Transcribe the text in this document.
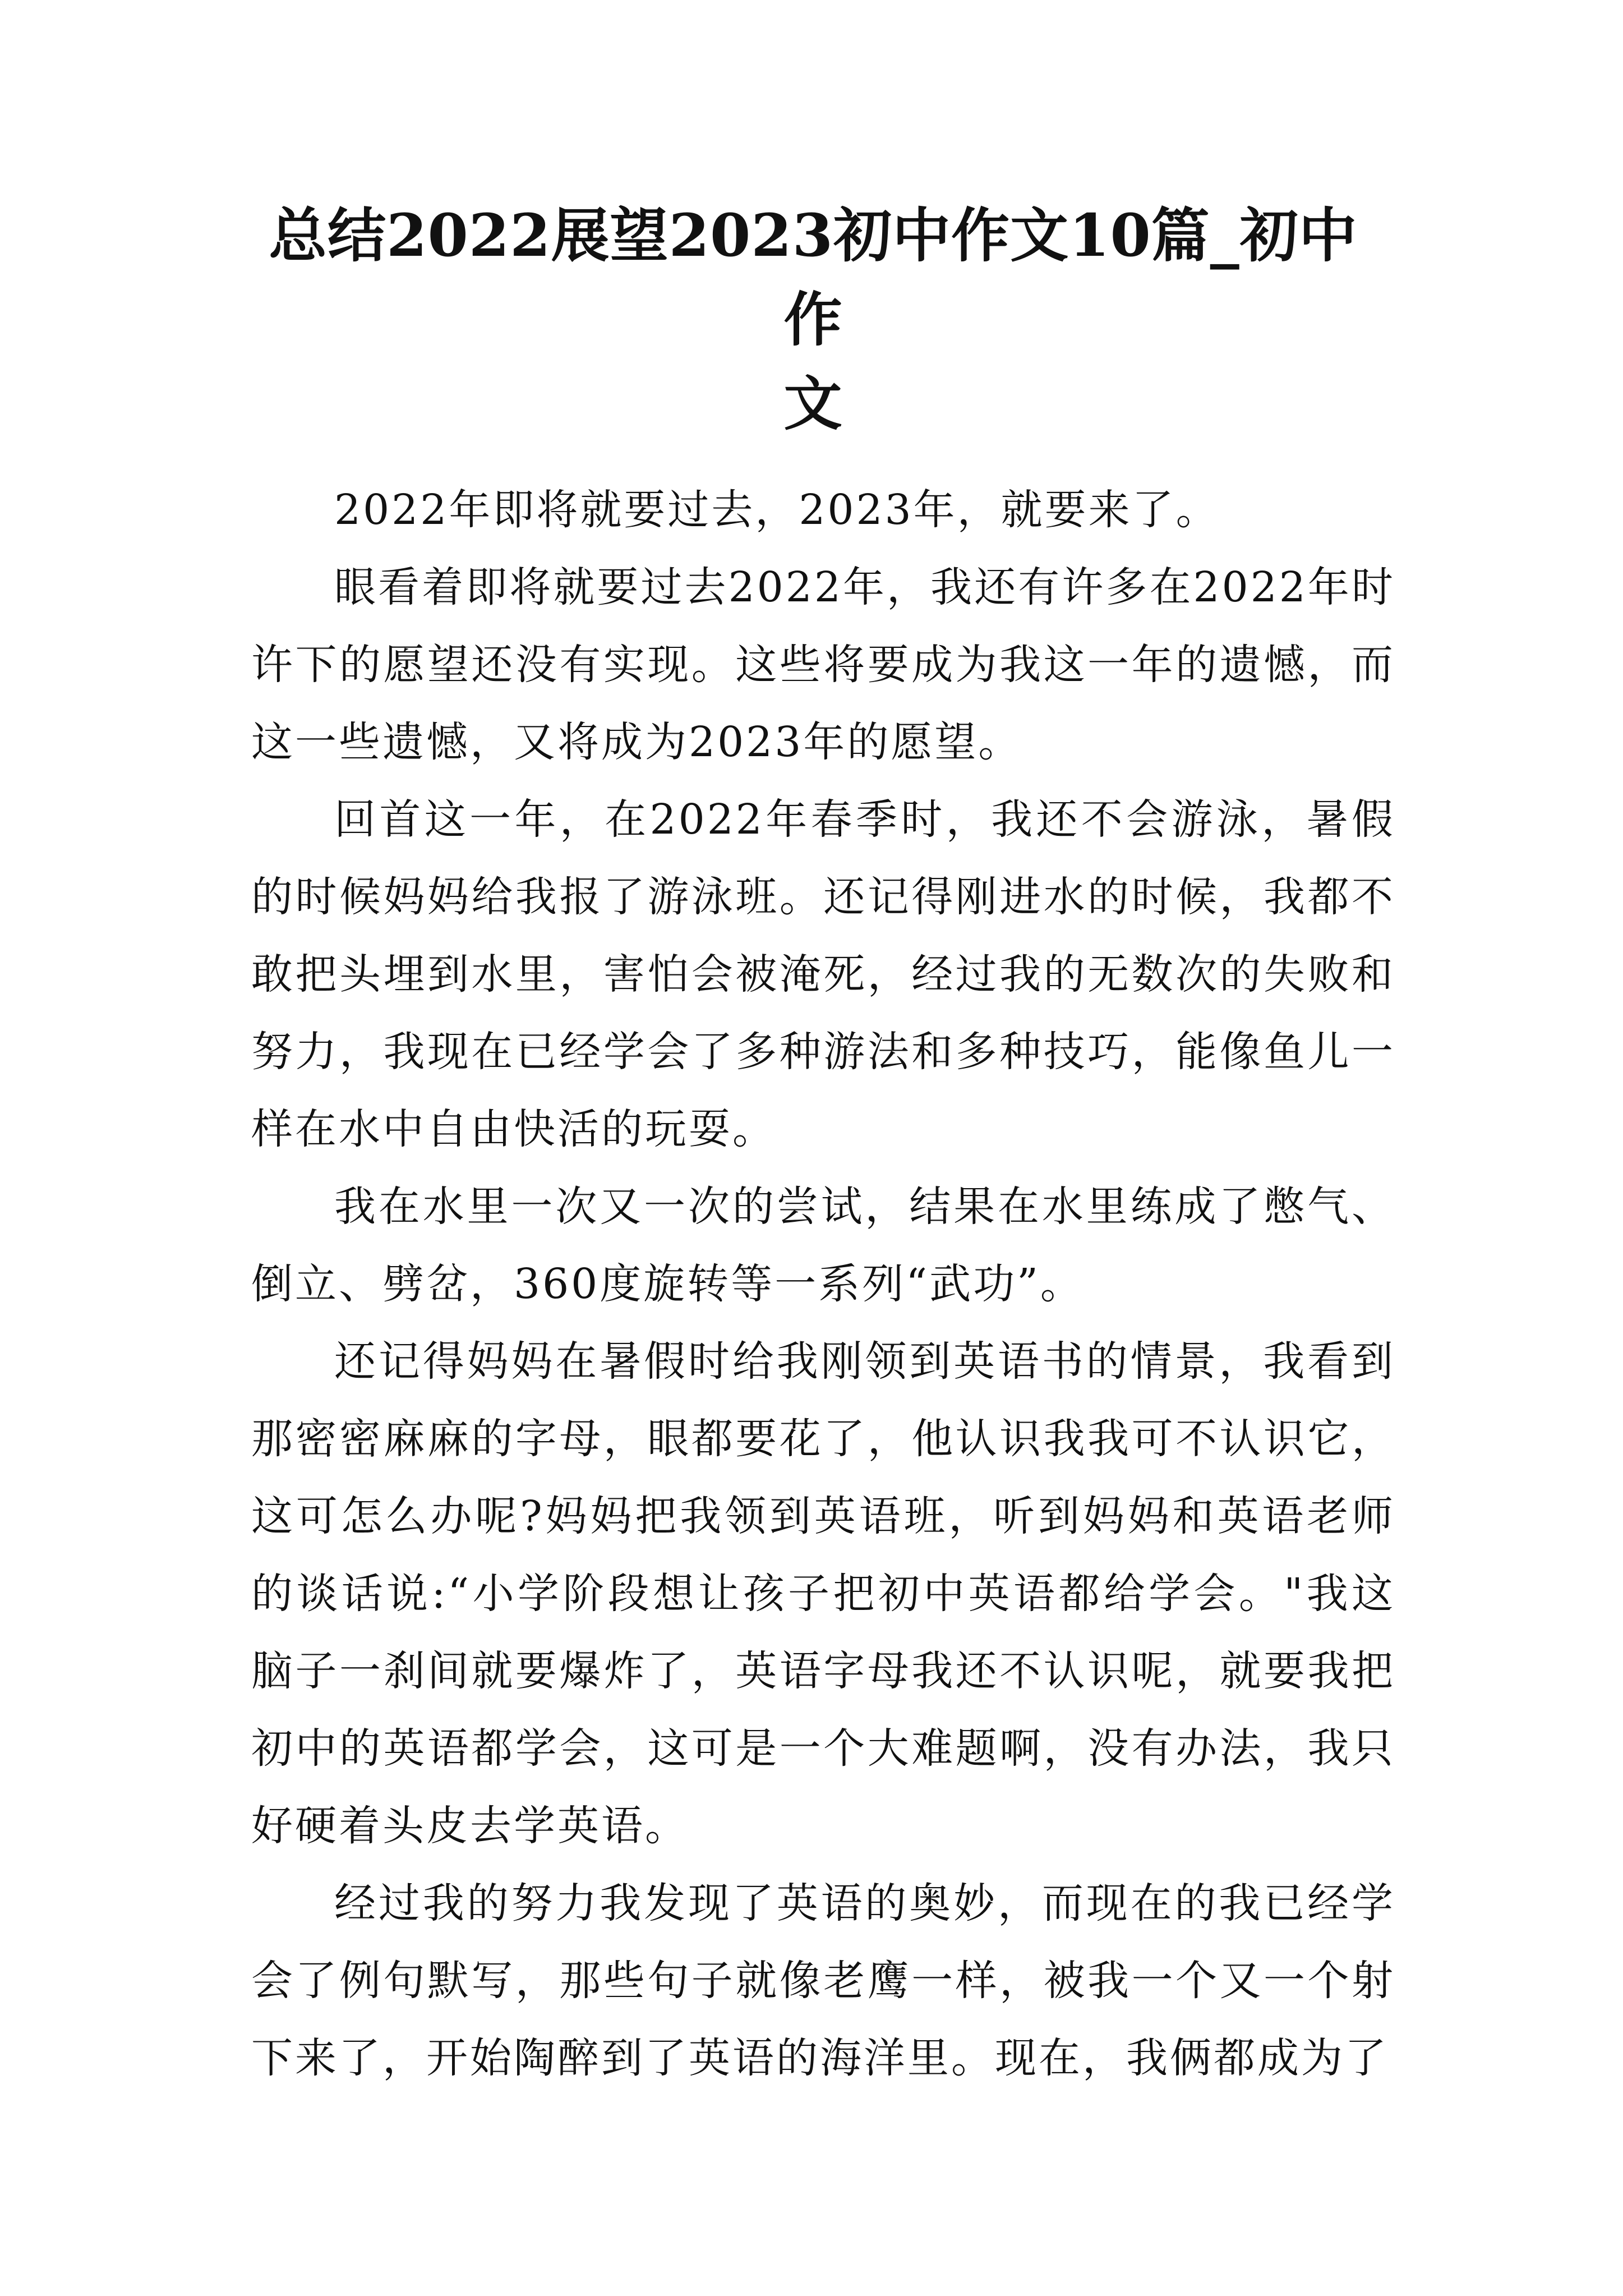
总结2022展望2023初中作文10篇_初中作
文

2022年即将就要过去，2023年，就要来了。

眼看着即将就要过去2022年，我还有许多在2022年时许下的愿望还没有实现。这些将要成为我这一年的遗憾，而这一些遗憾，又将成为2023年的愿望。

回首这一年，在2022年春季时，我还不会游泳，暑假的时候妈妈给我报了游泳班。还记得刚进水的时候，我都不敢把头埋到水里，害怕会被淹死，经过我的无数次的失败和努力，我现在已经学会了多种游法和多种技巧，能像鱼儿一样在水中自由快活的玩耍。

我在水里一次又一次的尝试，结果在水里练成了憋气、倒立、劈岔，360度旋转等一系列“武功”。

还记得妈妈在暑假时给我刚领到英语书的情景，我看到那密密麻麻的字母，眼都要花了，他认识我我可不认识它，这可怎么办呢?妈妈把我领到英语班，听到妈妈和英语老师的谈话说:“小学阶段想让孩子把初中英语都给学会。"我这脑子一刹间就要爆炸了，英语字母我还不认识呢，就要我把初中的英语都学会，这可是一个大难题啊，没有办法，我只好硬着头皮去学英语。

经过我的努力我发现了英语的奥妙，而现在的我已经学会了例句默写，那些句子就像老鹰一样，被我一个又一个射下来了，开始陶醉到了英语的海洋里。现在，我俩都成为了
